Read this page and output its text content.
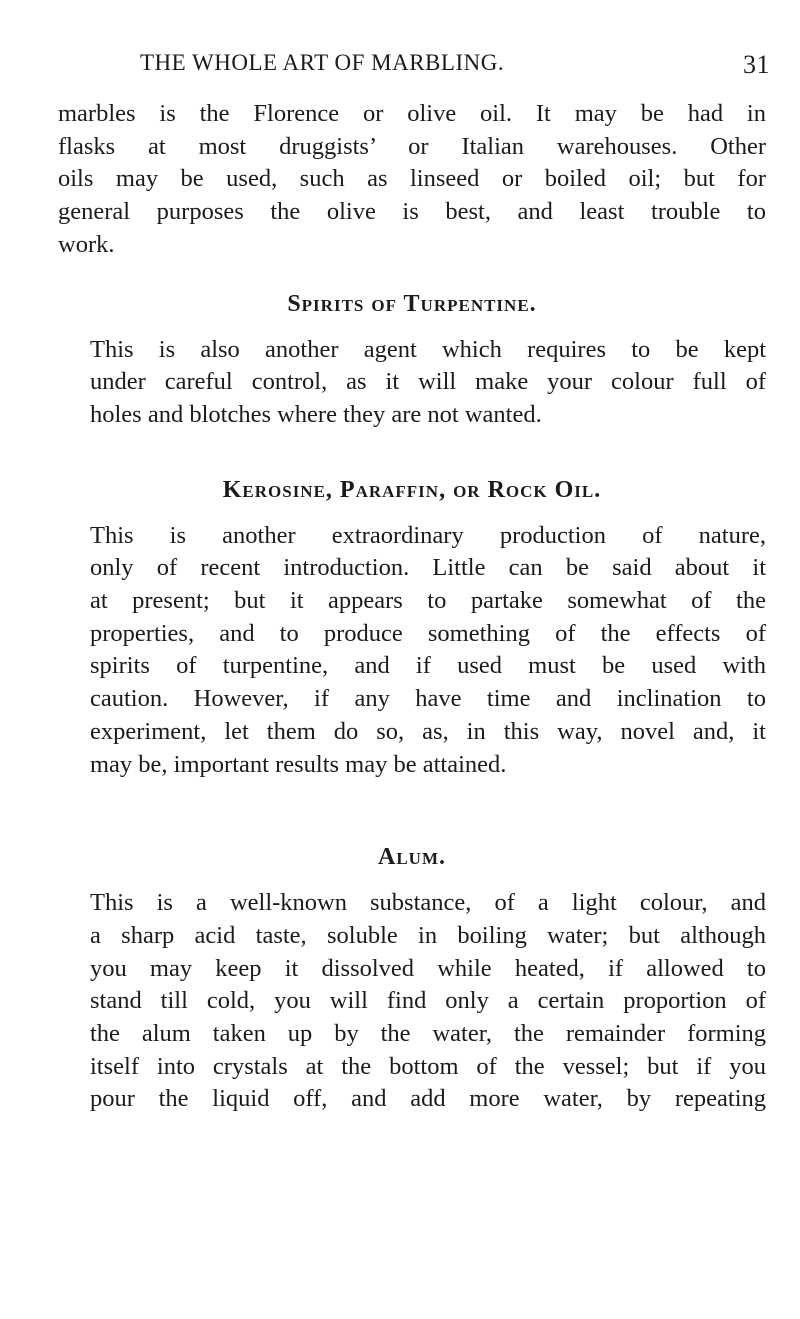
THE WHOLE ART OF MARBLING.	31

marbles is the Florence or olive oil. It may be had in
flasks at most druggists’ or Italian warehouses. Other
oils may be used, such as linseed or boiled oil; but for
general purposes the olive is best, and least trouble to
work.

Spirits of Turpentine.

This is also another agent which requires to be kept
under careful control, as it will make your colour full of
holes and blotches where they are not wanted.

Kerosine, Paraffin, or Rock Oil.

This is another extraordinary production of nature,
only of recent introduction. Little can be said about it
at present; but it appears to partake somewhat of the
properties, and to produce something of the effects of
spirits of turpentine, and if used must be used with
caution. However, if any have time and inclination to
experiment, let them do so, as, in this way, novel and, it
may be, important results may be attained.

Alum.

This is a well-known substance, of a light colour, and
a sharp acid taste, soluble in boiling water; but although
you may keep it dissolved while heated, if allowed to
stand till cold, you will find only a certain proportion of
the alum taken up by the water, the remainder forming
itself into crystals at the bottom of the vessel; but if you
pour the liquid off, and add more water, by repeating
